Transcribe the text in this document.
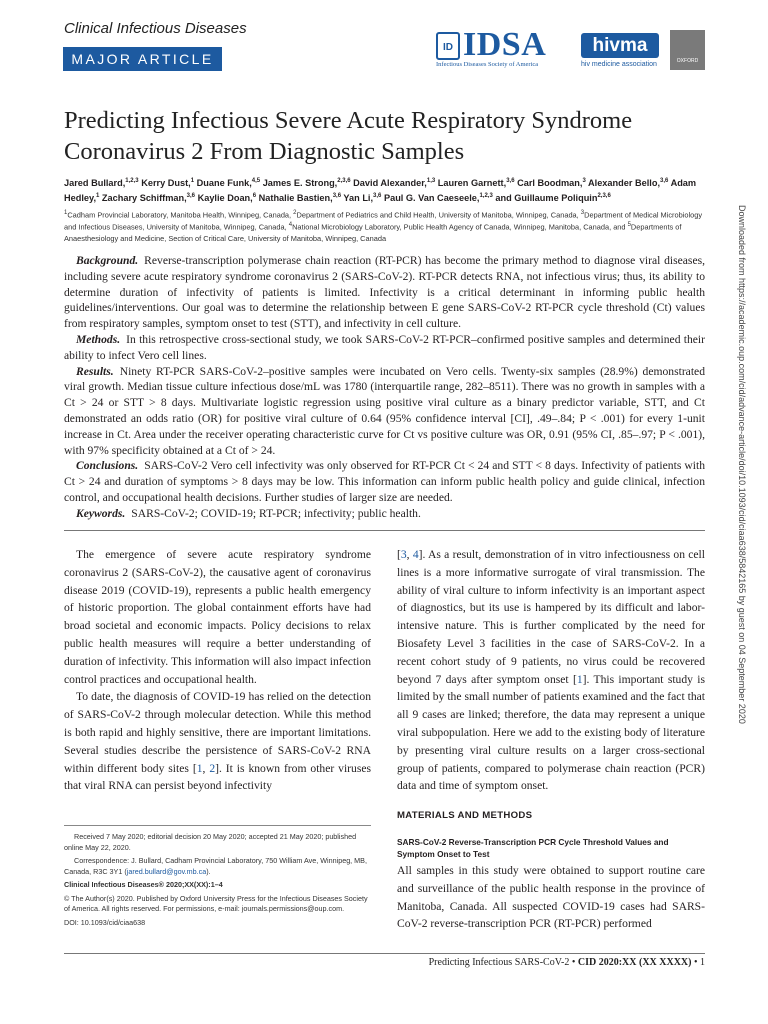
Clinical Infectious Diseases
MAJOR ARTICLE
ID IDSA
Infectious Diseases Society of America
hivma
hiv medicine association	OXFORD
Predicting Infectious Severe Acute Respiratory Syndrome Coronavirus 2 From Diagnostic Samples
Jared Bullard,$^{1,2,3}$ Kerry Dust,$^1$ Duane Funk,$^{4,5}$ James E. Strong,$^{2,3,6}$ David Alexander,$^{1,3}$ Lauren Garnett,$^{3,6}$ Carl Boodman,$^3$ Alexander Bello,$^{3,6}$ Adam Hedley,$^1$ Zachary Schiffman,$^{3,6}$ Kaylie Doan,$^6$ Nathalie Bastien,$^{3,6}$ Yan Li,$^{3,6}$ Paul G. Van Caeseele,$^{1,2,3}$ and Guillaume Poliquin$^{2,3,6}$
$^1$Cadham Provincial Laboratory, Manitoba Health, Winnipeg, Canada, $^2$Department of Pediatrics and Child Health, University of Manitoba, Winnipeg, Canada, $^3$Department of Medical Microbiology and Infectious Diseases, University of Manitoba, Winnipeg, Canada, $^4$National Microbiology Laboratory, Public Health Agency of Canada, Winnipeg, Manitoba, Canada, and $^5$Departments of Anaesthesiology and Medicine, Section of Critical Care, University of Manitoba, Winnipeg, Canada

Background. Reverse-transcription polymerase chain reaction (RT-PCR) has become the primary method to diagnose viral diseases, including severe acute respiratory syndrome coronavirus 2 (SARS-CoV-2). RT-PCR detects RNA, not infectious virus; thus, its ability to determine duration of infectivity of patients is limited. Infectivity is a critical determinant in informing public health guidelines/interventions. Our goal was to determine the relationship between E gene SARS-CoV-2 RT-PCR cycle threshold (Ct) values from respiratory samples, symptom onset to test (STT), and infectivity in cell culture.

Methods. In this retrospective cross-sectional study, we took SARS-CoV-2 RT-PCR–confirmed positive samples and determined their ability to infect Vero cell lines.

Results. Ninety RT-PCR SARS-CoV-2–positive samples were incubated on Vero cells. Twenty-six samples (28.9%) demonstrated viral growth. Median tissue culture infectious dose/mL was 1780 (interquartile range, 282–8511). There was no growth in samples with a Ct > 24 or STT > 8 days. Multivariate logistic regression using positive viral culture as a binary predictor variable, STT, and Ct demonstrated an odds ratio (OR) for positive viral culture of 0.64 (95% confidence interval [CI], .49–.84; P < .001) for every 1-unit increase in Ct. Area under the receiver operating characteristic curve for Ct vs positive culture was OR, 0.91 (95% CI, .85–.97; P < .001), with 97% specificity obtained at a Ct of > 24.

Conclusions. SARS-CoV-2 Vero cell infectivity was only observed for RT-PCR Ct < 24 and STT < 8 days. Infectivity of patients with Ct > 24 and duration of symptoms > 8 days may be low. This information can inform public health policy and guide clinical, infection control, and occupational health decisions. Further studies of larger size are needed.

Keywords. SARS-CoV-2; COVID-19; RT-PCR; infectivity; public health.

The emergence of severe acute respiratory syndrome coronavirus 2 (SARS-CoV-2), the causative agent of coronavirus disease 2019 (COVID-19), represents a public health emergency of historic proportion. The global containment efforts have had broad societal and economic impacts. Policy decisions to relax public health measures will require a better understanding of duration of infectivity. This information will also impact infection control practices and occupational health.

To date, the diagnosis of COVID-19 has relied on the detection of SARS-CoV-2 through molecular detection. While this method is both rapid and highly sensitive, there are important limitations. Several studies describe the persistence of SARS-CoV-2 RNA within different body sites [1, 2]. It is known from other viruses that viral RNA can persist beyond infectivity

Received 7 May 2020; editorial decision 20 May 2020; accepted 21 May 2020; published online May 22, 2020.

Correspondence: J. Bullard, Cadham Provincial Laboratory, 750 William Ave, Winnipeg, MB, Canada, R3C 3Y1 (jared.bullard@gov.mb.ca).

Clinical Infectious Diseases® 2020;XX(XX):1–4

© The Author(s) 2020. Published by Oxford University Press for the Infectious Diseases Society of America. All rights reserved. For permissions, e-mail: journals.permissions@oup.com.

DOI: 10.1093/cid/ciaa638

[3, 4]. As a result, demonstration of in vitro infectiousness on cell lines is a more informative surrogate of viral transmission. The ability of viral culture to inform infectivity is an important aspect of diagnostics, but its use is hampered by its difficult and labor-intensive nature. This is further complicated by the need for Biosafety Level 3 facilities in the case of SARS-CoV-2. In a recent cohort study of 9 patients, no virus could be recovered beyond 7 days after symptom onset [1]. This important study is limited by the small number of patients examined and the fact that all 9 cases are linked; therefore, the data may represent a unique viral subpopulation. Here we add to the existing body of literature by presenting viral culture results on a larger cross-sectional group of patients, compared to polymerase chain reaction (PCR) data and time of symptom onset.

MATERIALS AND METHODS
SARS-CoV-2 Reverse-Transcription PCR Cycle Threshold Values and Symptom Onset to Test

All samples in this study were obtained to support routine care and surveillance of the public health response in the province of Manitoba, Canada. All suspected COVID-19 cases had SARS-CoV-2 reverse-transcription PCR (RT-PCR) performed

Predicting Infectious SARS-CoV-2 • CID 2020:XX (XX XXXX) • 1
Downloaded from https://academic.oup.com/cid/advance-article/doi/10.1093/cid/ciaa638/5842165 by guest on 04 September 2020
